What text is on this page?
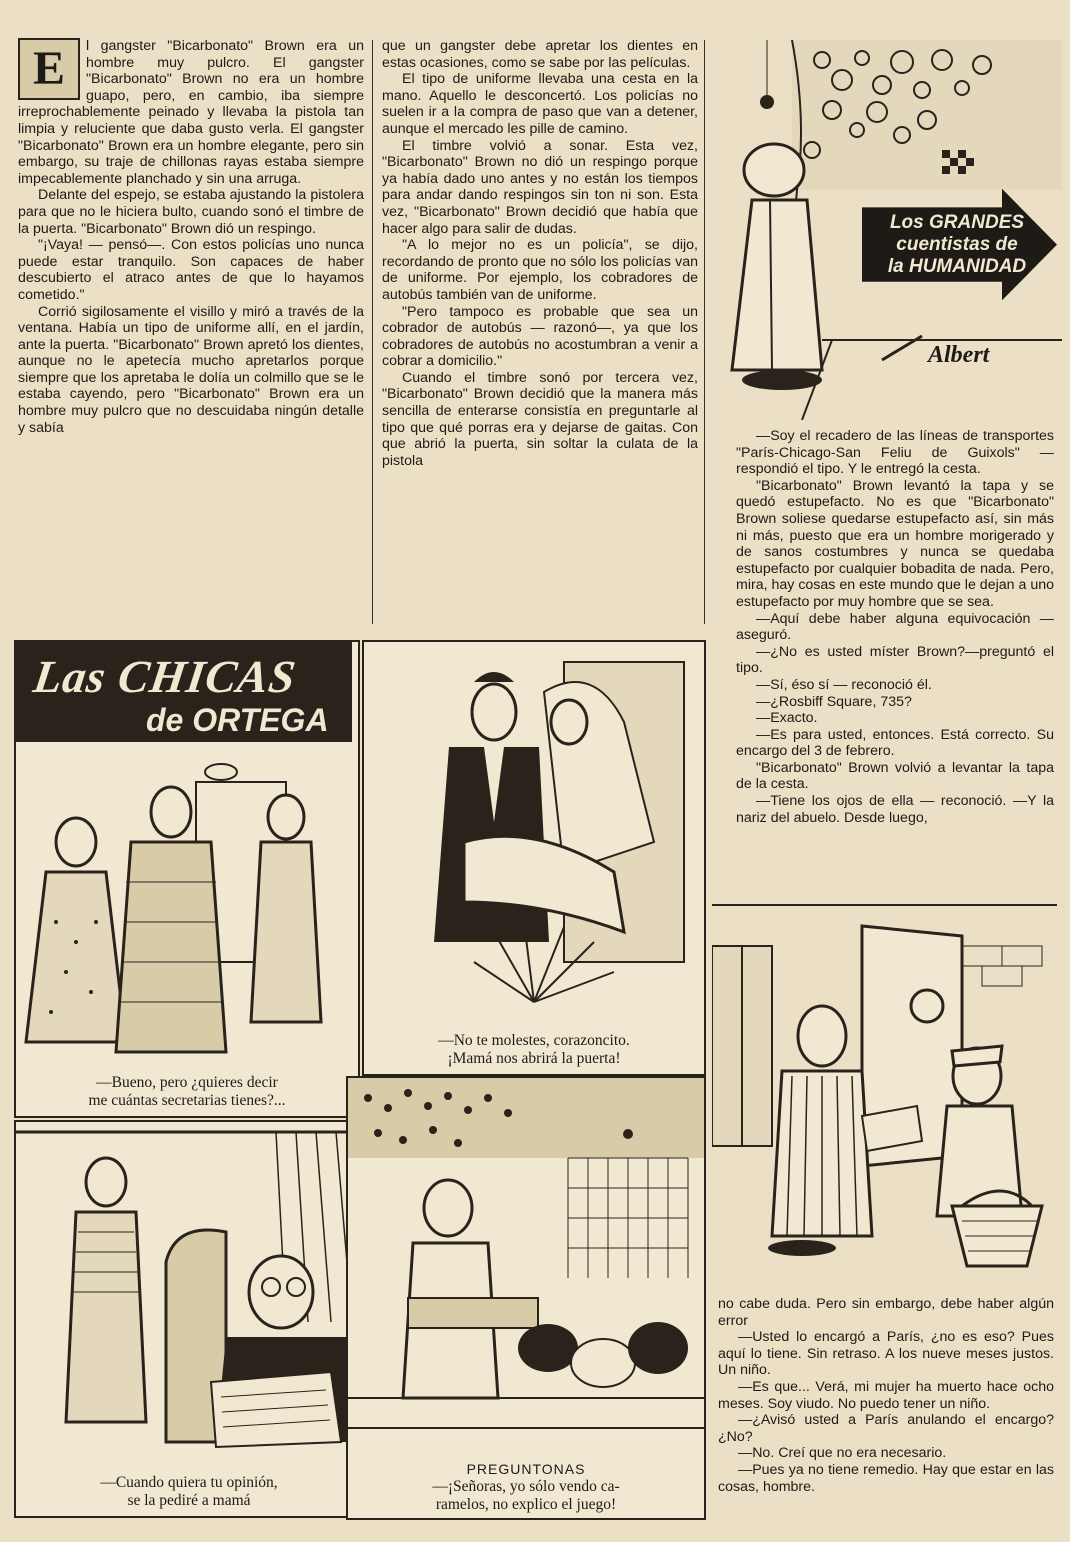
E	l gangster "Bicarbonato" Brown era un hombre muy pulcro. El gangster "Bicarbonato" Brown no era un hombre guapo, pero, en cambio, iba siempre irreprochablemente peinado y llevaba la pistola tan limpia y reluciente que daba gusto verla. El gangster "Bicarbonato" Brown era un hombre elegante, pero sin embargo, su traje de chillonas rayas estaba siempre impecablemente planchado y sin una arruga.

Delante del espejo, se estaba ajustando la pistolera para que no le hiciera bulto, cuando sonó el timbre de la puerta. "Bicarbonato" Brown dió un respingo.

"¡Vaya! — pensó—. Con estos policías uno nunca puede estar tranquilo. Son capaces de haber descubierto el atraco antes de que lo hayamos cometido."

Corrió sigilosamente el visillo y miró a través de la ventana. Había un tipo de uniforme allí, en el jardín, ante la puerta. "Bicarbonato" Brown apretó los dientes, aunque no le apetecía mucho apretarlos porque siempre que los apretaba le dolía un colmillo que se le estaba cayendo, pero "Bicarbonato" Brown era un hombre muy pulcro que no descuidaba ningún detalle y sabía

que un gangster debe apretar los dientes en estas ocasiones, como se sabe por las películas.

El tipo de uniforme llevaba una cesta en la mano. Aquello le desconcertó. Los policías no suelen ir a la compra de paso que van a detener, aunque el mercado les pille de camino.

El timbre volvió a sonar. Esta vez, "Bicarbonato" Brown no dió un respingo porque ya había dado uno antes y no están los tiempos para andar dando respingos sin ton ni son. Esta vez, "Bicarbonato" Brown decidió que había que hacer algo para salir de dudas.

"A lo mejor no es un policía", se dijo, recordando de pronto que no sólo los policías van de uniforme. Por ejemplo, los cobradores de autobús también van de uniforme.

"Pero tampoco es probable que sea un cobrador de autobús — razonó—, ya que los cobradores de autobús no acostumbran a venir a cobrar a domicilio."

Cuando el timbre sonó por tercera vez, "Bicarbonato" Brown decidió que la manera más sencilla de enterarse consistía en preguntarle al tipo que qué porras era y dejarse de gaitas. Con que abrió la puerta, sin soltar la culata de la pistola

Los GRANDES
cuentistas de
la HUMANIDAD
Albert

—Soy el recadero de las líneas de transportes "París-Chicago-San Feliu de Guixols" — respondió el tipo. Y le entregó la cesta.

"Bicarbonato" Brown levantó la tapa y se quedó estupefacto. No es que "Bicarbonato" Brown soliese quedarse estupefacto así, sin más ni más, puesto que era un hombre morigerado y de sanos costumbres y nunca se quedaba estupefacto por cualquier bobadita de nada. Pero, mira, hay cosas en este mundo que le dejan a uno estupefacto por muy hombre que se sea.

—Aquí debe haber alguna equivocación — aseguró.

—¿No es usted míster Brown?—preguntó el tipo.

—Sí, éso sí — reconoció él.

—¿Rosbiff Square, 735?

—Exacto.

—Es para usted, entonces. Está correcto. Su encargo del 3 de febrero.

"Bicarbonato" Brown volvió a levantar la tapa de la cesta.

—Tiene los ojos de ella — reconoció. —Y la nariz del abuelo. Desde luego,

no cabe duda. Pero sin embargo, debe haber algún error

—Usted lo encargó a París, ¿no es eso? Pues aquí lo tiene. Sin retraso. A los nueve meses justos. Un niño.

—Es que... Verá, mi mujer ha muerto hace ocho meses. Soy viudo. No puedo tener un niño.

—¿Avisó usted a París anulando el encargo? ¿No?

—No. Creí que no era necesario.

—Pues ya no tiene remedio. Hay que estar en las cosas, hombre.

Las CHICAS
de ORTEGA
—Bueno, pero ¿quieres decir
me cuántas secretarias tienes?...
—No te molestes, corazoncito.
¡Mamá nos abrirá la puerta!
—Cuando quiera tu opinión,
se la pediré a mamá
PREGUNTONAS
—¡Señoras, yo sólo vendo ca-
ramelos, no explico el juego!
